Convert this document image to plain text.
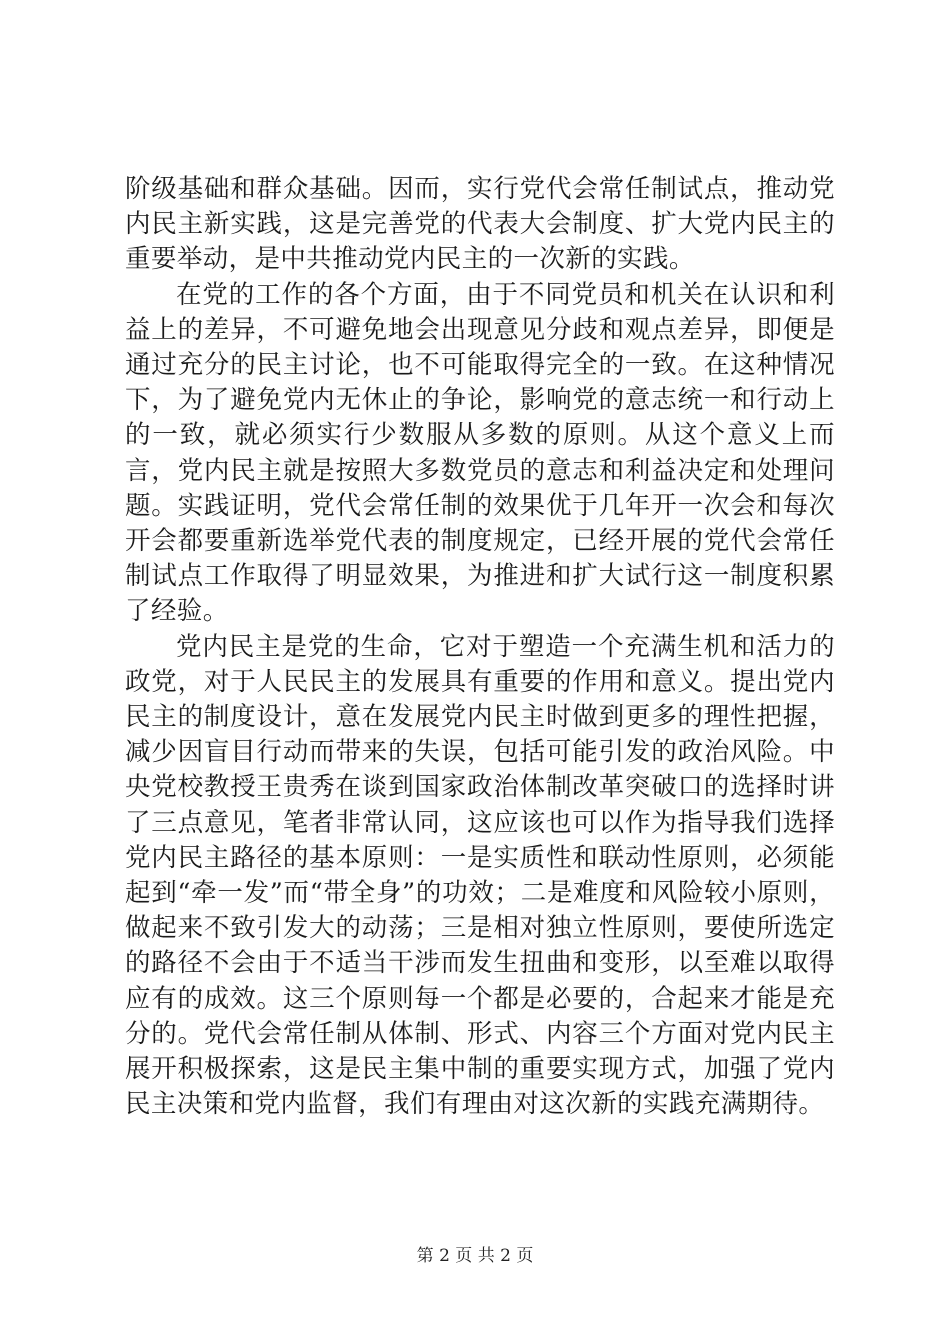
阶级基础和群众基础。因而，实行党代会常任制试点，推动党内民主新实践，这是完善党的代表大会制度、扩大党内民主的重要举动，是中共推动党内民主的一次新的实践。

在党的工作的各个方面，由于不同党员和机关在认识和利益上的差异，不可避免地会出现意见分歧和观点差异，即便是通过充分的民主讨论，也不可能取得完全的一致。在这种情况下，为了避免党内无休止的争论，影响党的意志统一和行动上的一致，就必须实行少数服从多数的原则。从这个意义上而言，党内民主就是按照大多数党员的意志和利益决定和处理问题。实践证明，党代会常任制的效果优于几年开一次会和每次开会都要重新选举党代表的制度规定，已经开展的党代会常任制试点工作取得了明显效果，为推进和扩大试行这一制度积累了经验。

党内民主是党的生命，它对于塑造一个充满生机和活力的政党，对于人民民主的发展具有重要的作用和意义。提出党内民主的制度设计，意在发展党内民主时做到更多的理性把握，减少因盲目行动而带来的失误，包括可能引发的政治风险。中央党校教授王贵秀在谈到国家政治体制改革突破口的选择时讲了三点意见，笔者非常认同，这应该也可以作为指导我们选择党内民主路径的基本原则：一是实质性和联动性原则，必须能起到“牵一发”而“带全身”的功效；二是难度和风险较小原则，做起来不致引发大的动荡；三是相对独立性原则，要使所选定的路径不会由于不适当干涉而发生扭曲和变形，以至难以取得应有的成效。这三个原则每一个都是必要的，合起来才能是充分的。党代会常任制从体制、形式、内容三个方面对党内民主展开积极探索，这是民主集中制的重要实现方式，加强了党内民主决策和党内监督，我们有理由对这次新的实践充满期待。

第 2 页 共 2 页
